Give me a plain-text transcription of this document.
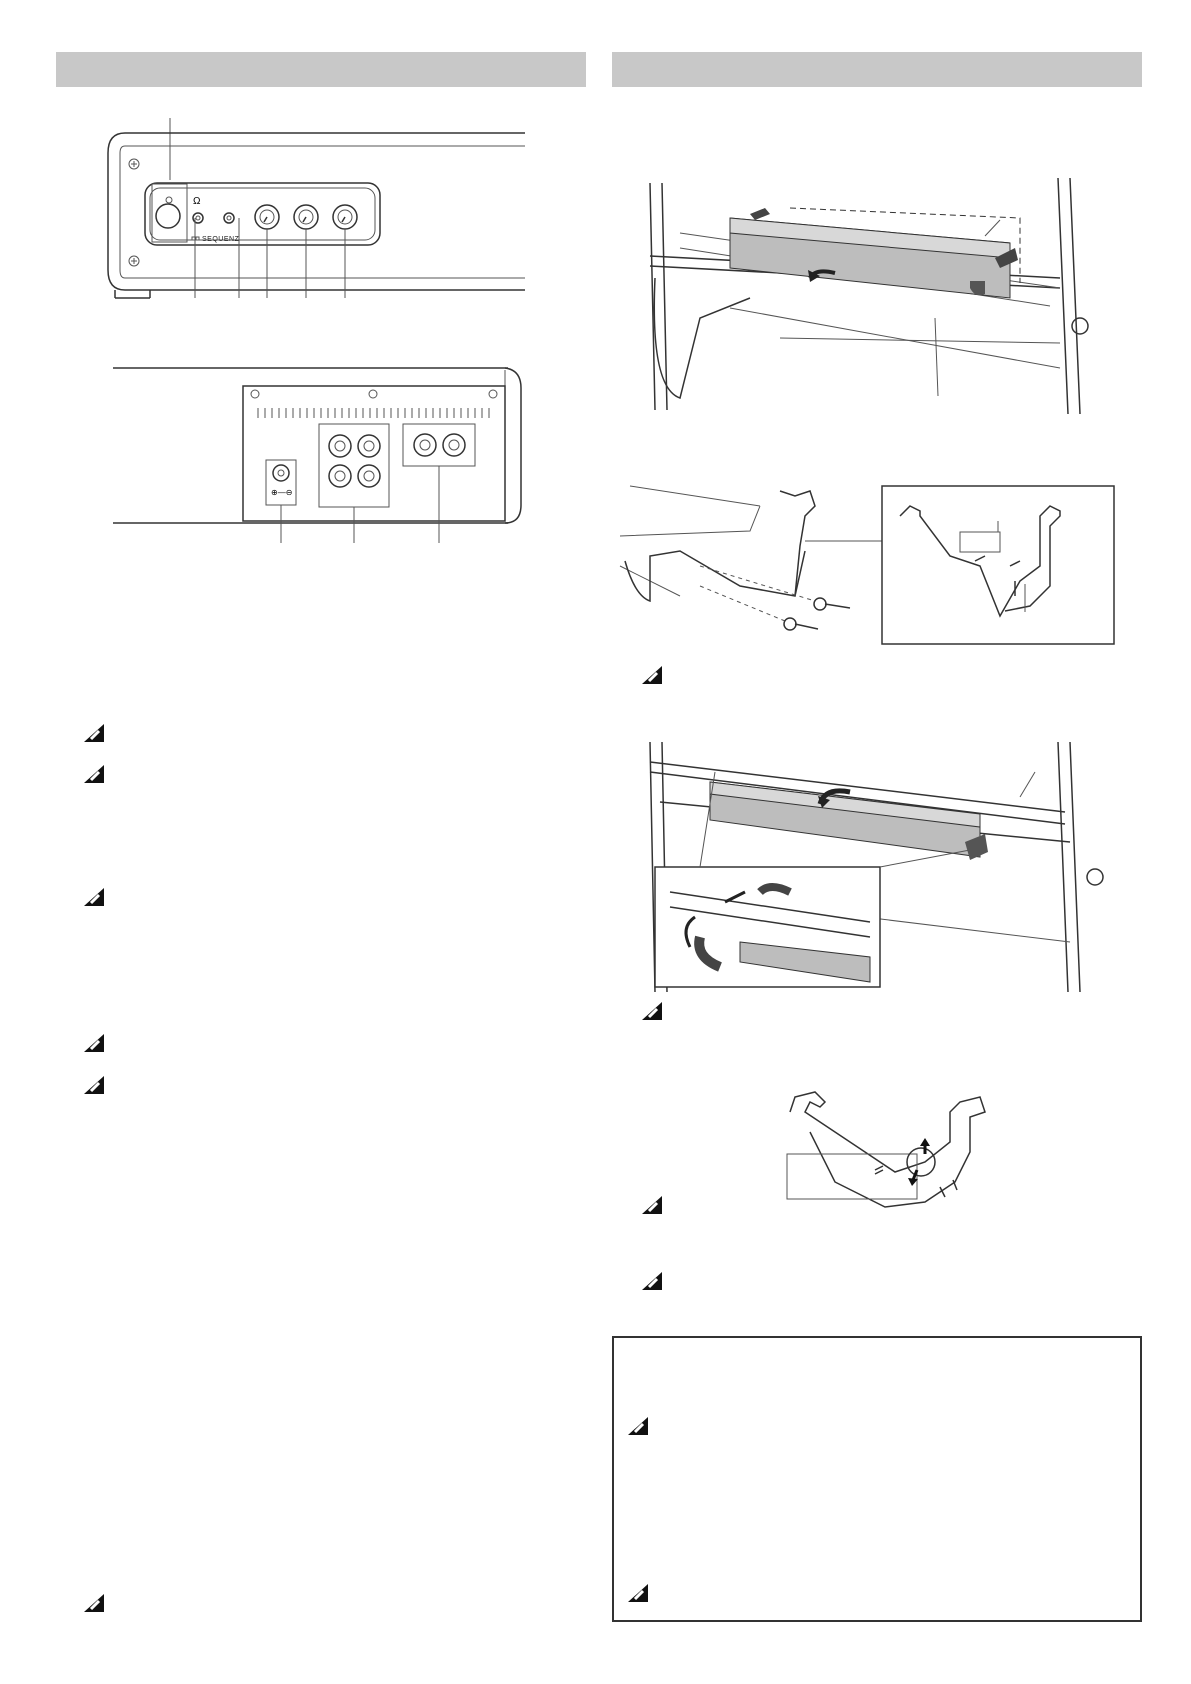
Ω
SEQUENZ
⊕—⊖
